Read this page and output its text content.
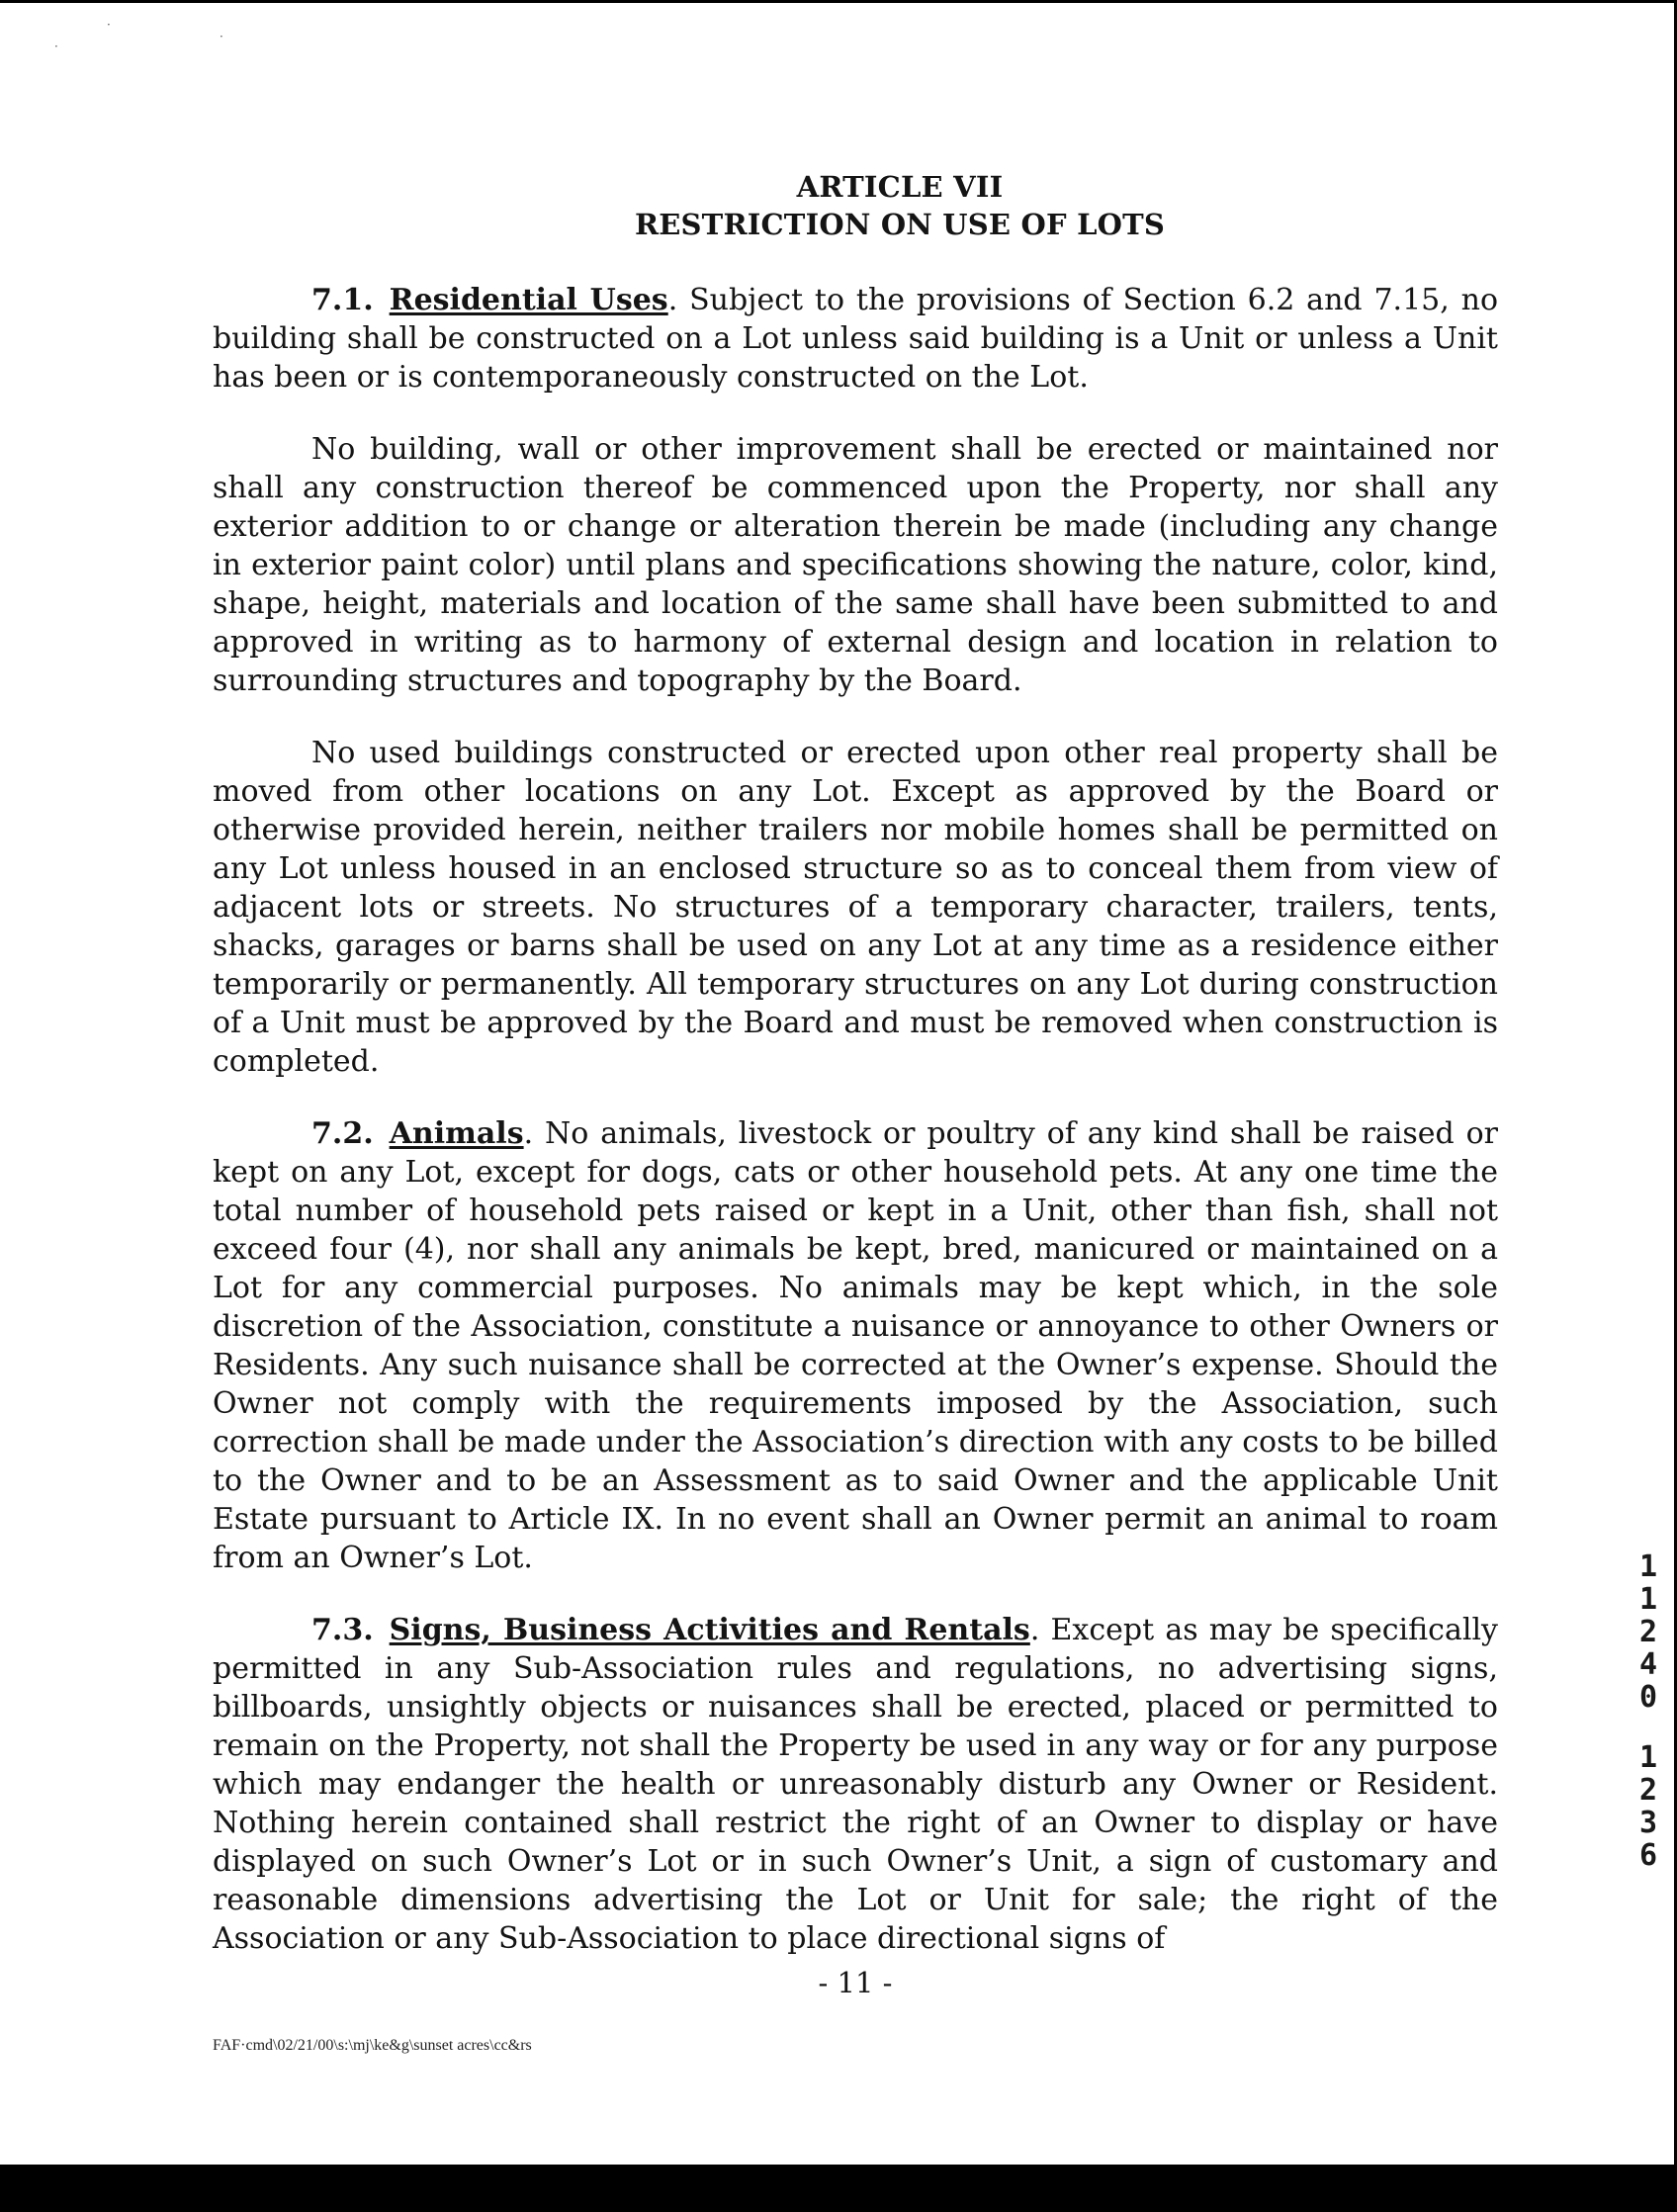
·
·
·
ARTICLE VII
RESTRICTION ON USE OF LOTS

7.1. Residential Uses. Subject to the provisions of Section 6.2 and 7.15, no building shall be constructed on a Lot unless said building is a Unit or unless a Unit has been or is contemporaneously constructed on the Lot.

No building, wall or other improvement shall be erected or maintained nor shall any construction thereof be commenced upon the Property, nor shall any exterior addition to or change or alteration therein be made (including any change in exterior paint color) until plans and specifications showing the nature, color, kind, shape, height, materials and location of the same shall have been submitted to and approved in writing as to harmony of external design and location in relation to surrounding structures and topography by the Board.

No used buildings constructed or erected upon other real property shall be moved from other locations on any Lot. Except as approved by the Board or otherwise provided herein, neither trailers nor mobile homes shall be permitted on any Lot unless housed in an enclosed structure so as to conceal them from view of adjacent lots or streets. No structures of a temporary character, trailers, tents, shacks, garages or barns shall be used on any Lot at any time as a residence either temporarily or permanently. All temporary structures on any Lot during construction of a Unit must be approved by the Board and must be removed when construction is completed.

7.2. Animals. No animals, livestock or poultry of any kind shall be raised or kept on any Lot, except for dogs, cats or other household pets. At any one time the total number of household pets raised or kept in a Unit, other than fish, shall not exceed four (4), nor shall any animals be kept, bred, manicured or maintained on a Lot for any commercial purposes. No animals may be kept which, in the sole discretion of the Association, constitute a nuisance or annoyance to other Owners or Residents. Any such nuisance shall be corrected at the Owner’s expense. Should the Owner not comply with the requirements imposed by the Association, such correction shall be made under the Association’s direction with any costs to be billed to the Owner and to be an Assessment as to said Owner and the applicable Unit Estate pursuant to Article IX. In no event shall an Owner permit an animal to roam from an Owner’s Lot.

7.3. Signs, Business Activities and Rentals. Except as may be specifically permitted in any Sub-Association rules and regulations, no advertising signs, billboards, unsightly objects or nuisances shall be erected, placed or permitted to remain on the Property, not shall the Property be used in any way or for any purpose which may endanger the health or unreasonably disturb any Owner or Resident. Nothing herein contained shall restrict the right of an Owner to display or have displayed on such Owner’s Lot or in such Owner’s Unit, a sign of customary and reasonable dimensions advertising the Lot or Unit for sale; the right of the Association or any Sub-Association to place directional signs of

1
1
2
4
0
1
2
3
6
- 11 -
FAF·cmd\02/21/00\s:\mj\ke&g\sunset acres\cc&rs
